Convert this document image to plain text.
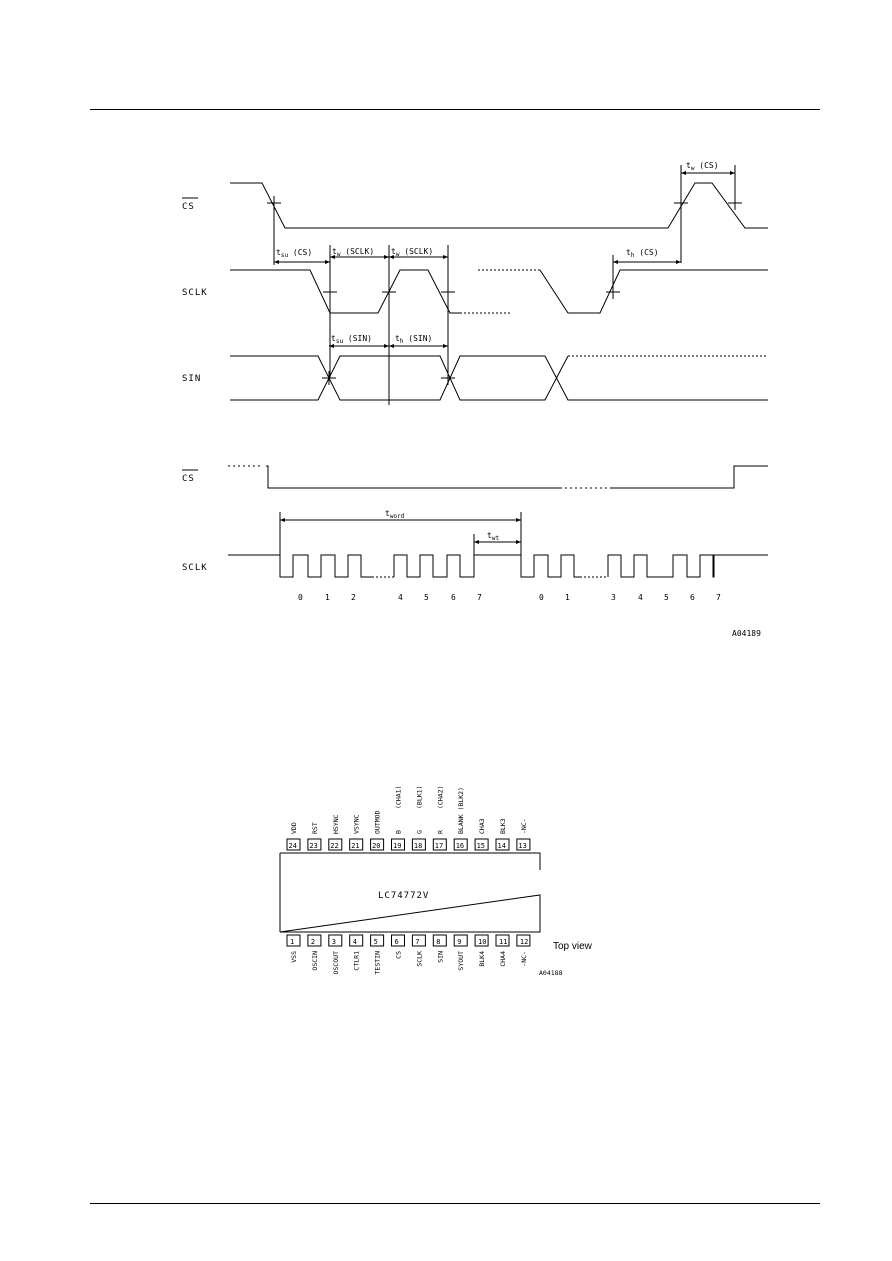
CS
SCLK
SIN
$t_w$ (CS)
$t_{su}$ (CS) $t_w$ (SCLK) $t_w$ (SCLK)	$t_h$ (CS)
$t_{su}$ (SIN)	$t_h$ (SIN)
CS
SCLK
$t_{word}$
$t_{wt}$
0	1	2	4	5	6	7	0	1	3	4	5	6	7
A04189
LC74772V
24
VDD
23
RST
22
HSYNC
21
VSYNC
20
OUTMOD
19
B
(CHA1)
18
G
(BLK1)
17
R
(CHA2)
16
BLANK (BLK2)
15
CHA3
14
BLK3
13
-NC-
1
VSS
2
OSCIN
3
OSCOUT
4
CTLR1
5
TESTIN
6
CS
7
SCLK
8
SIN
9
SYOUT
10
BLK4
11
CHA4
12
-NC-
Top view
A04188
